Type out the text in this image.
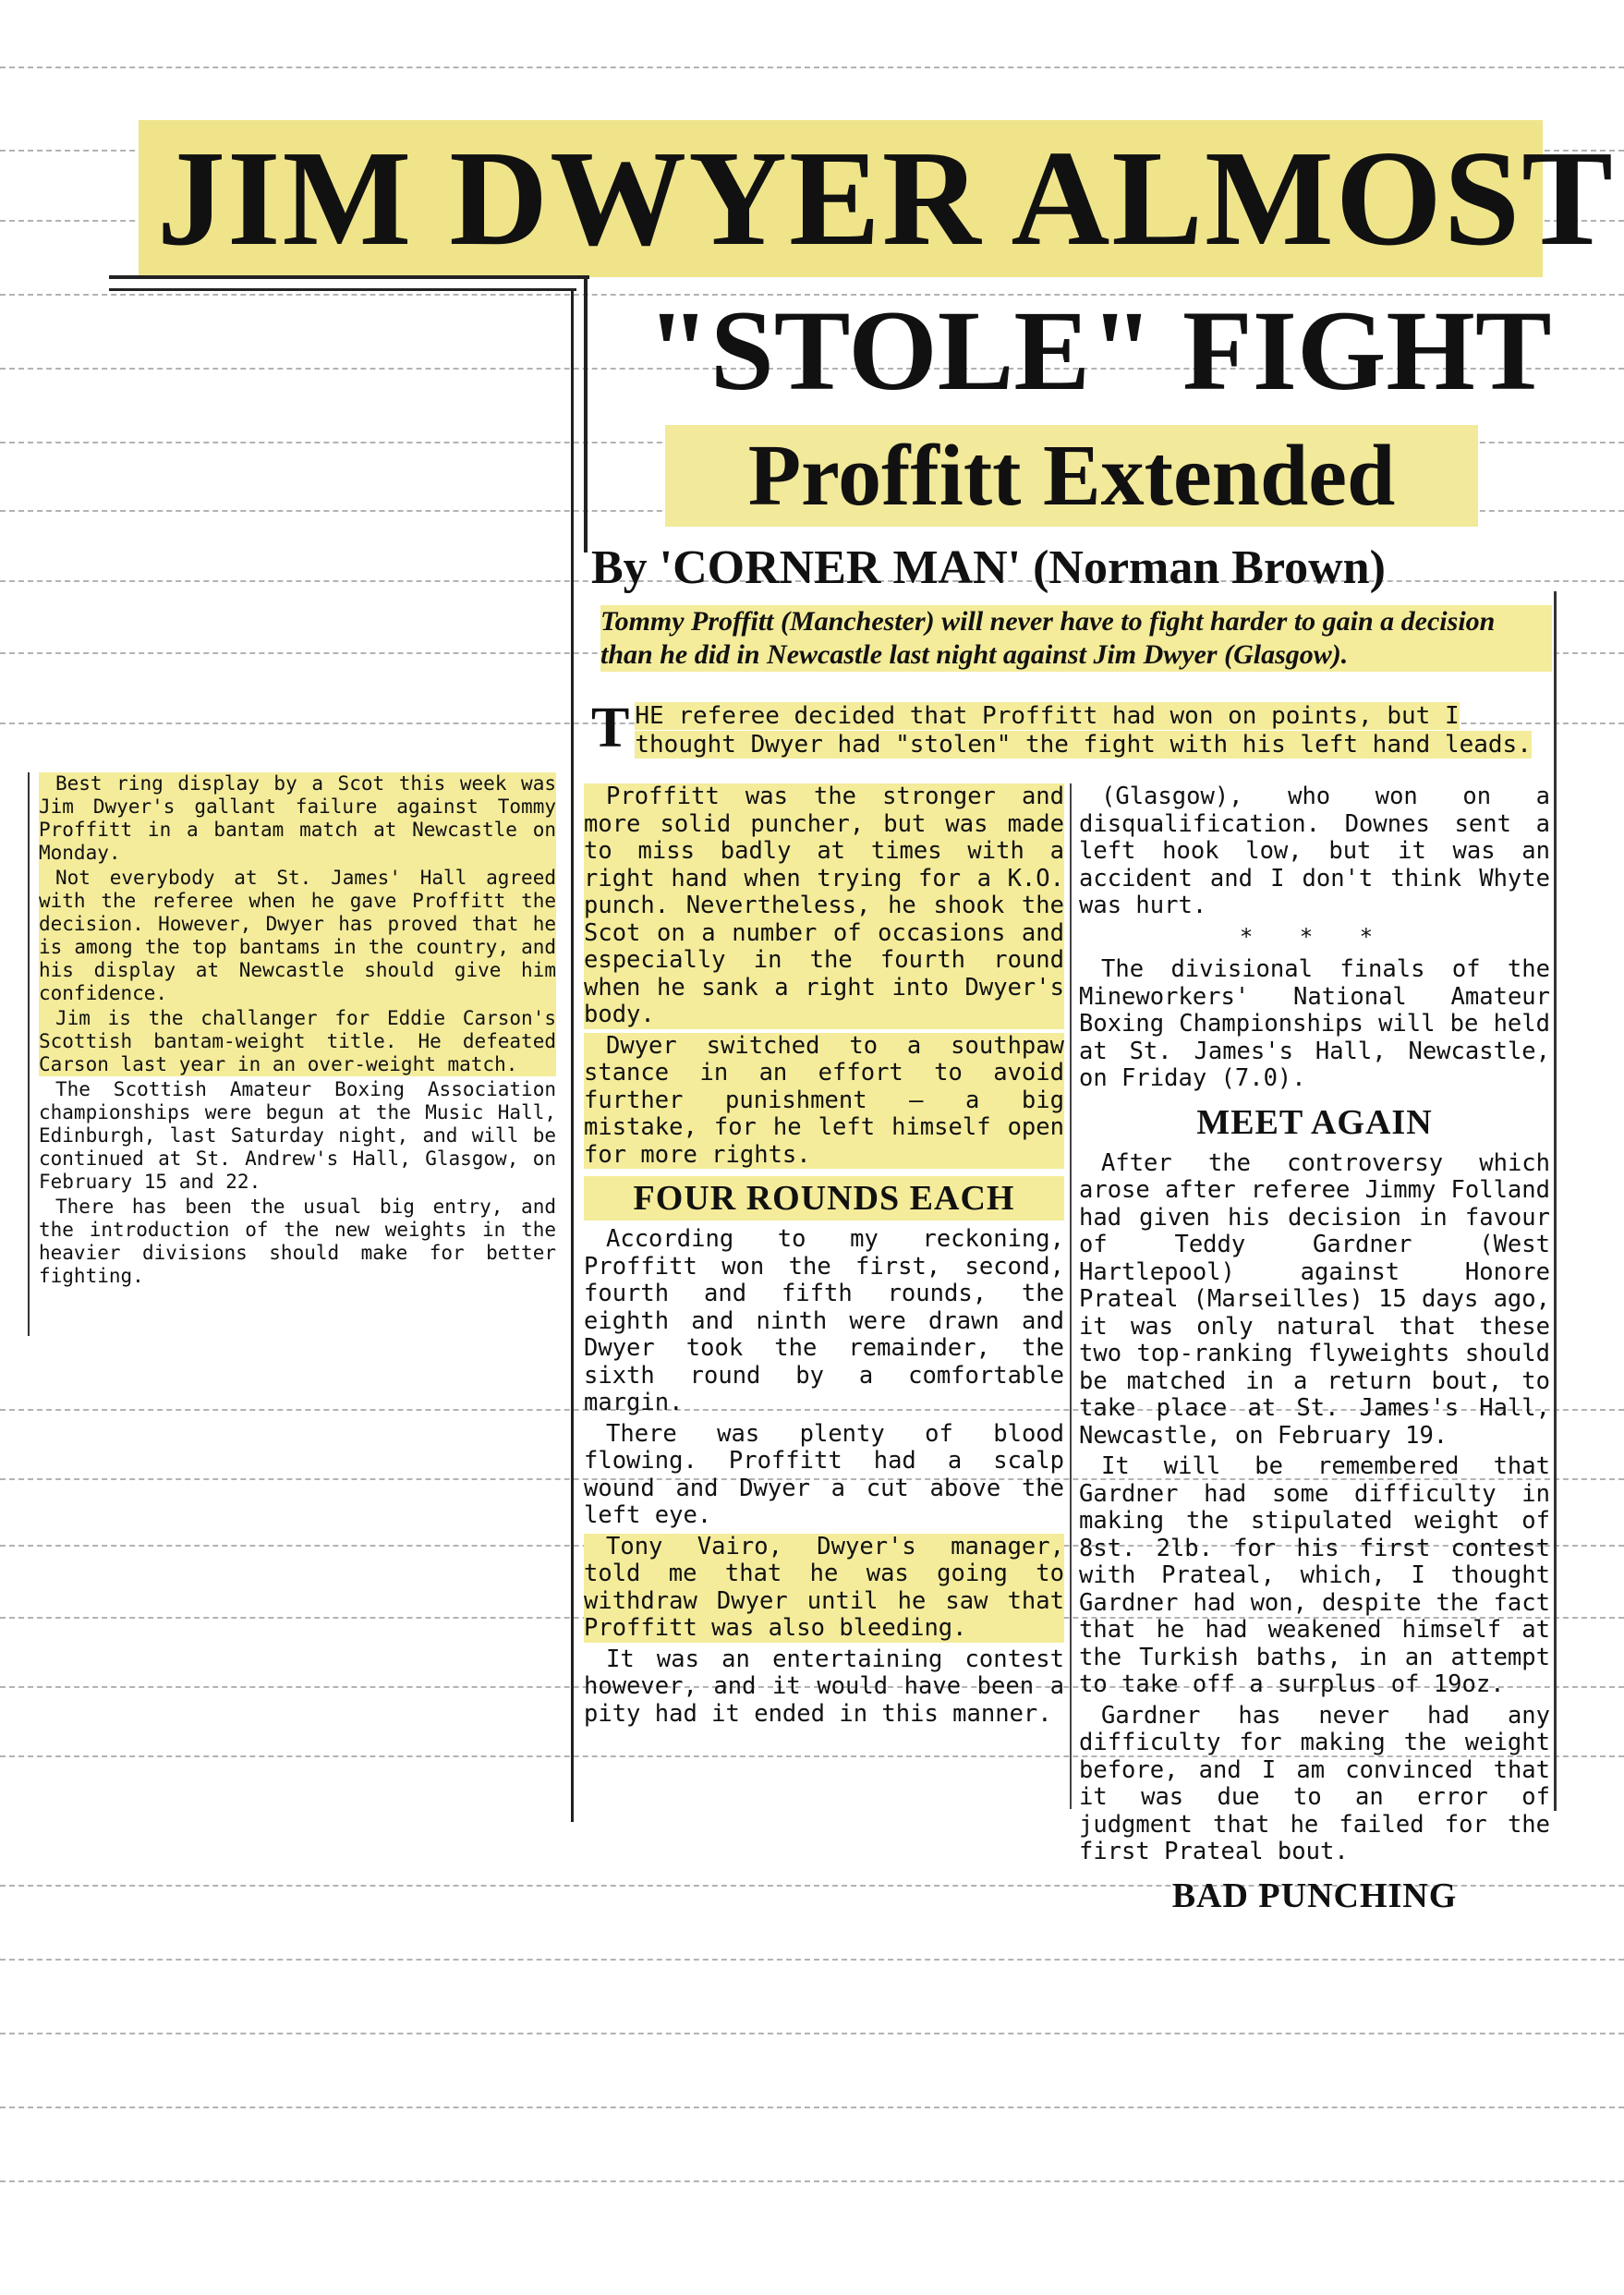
JIM DWYER ALMOST
"STOLE" FIGHT
Proffitt Extended
By 'CORNER MAN' (Norman Brown)
Tommy Proffitt (Manchester) will never have to fight harder to gain a decision than he did in Newcastle last night against Jim Dwyer (Glasgow).
T HE referee decided that Proffitt had won on points, but I thought Dwyer had "stolen" the fight with his left hand leads.

Proffitt was the stronger and more solid puncher, but was made to miss badly at times with a right hand when trying for a K.O. punch. Nevertheless, he shook the Scot on a number of occasions and especially in the fourth round when he sank a right into Dwyer's body.

Dwyer switched to a southpaw stance in an effort to avoid further punishment — a big mistake, for he left himself open for more rights.

FOUR ROUNDS EACH

According to my reckoning, Proffitt won the first, second, fourth and fifth rounds, the eighth and ninth were drawn and Dwyer took the remainder, the sixth round by a comfortable margin.

There was plenty of blood flowing. Proffitt had a scalp wound and Dwyer a cut above the left eye.

Tony Vairo, Dwyer's manager, told me that he was going to withdraw Dwyer until he saw that Proffitt was also bleeding.

It was an entertaining contest however, and it would have been a pity had it ended in this manner.

(Glasgow), who won on a disqualification. Downes sent a left hook low, but it was an accident and I don't think Whyte was hurt.

* * *

The divisional finals of the Mineworkers' National Amateur Boxing Championships will be held at St. James's Hall, Newcastle, on Friday (7.0).

MEET AGAIN

After the controversy which arose after referee Jimmy Folland had given his decision in favour of Teddy Gardner (West Hartlepool) against Honore Prateal (Marseilles) 15 days ago, it was only natural that these two top-ranking flyweights should be matched in a return bout, to take place at St. James's Hall, Newcastle, on February 19.

It will be remembered that Gardner had some difficulty in making the stipulated weight of 8st. 2lb. for his first contest with Prateal, which, I thought Gardner had won, despite the fact that he had weakened himself at the Turkish baths, in an attempt to take off a surplus of 19oz.

Gardner has never had any difficulty for making the weight before, and I am convinced that it was due to an error of judgment that he failed for the first Prateal bout.

BAD PUNCHING

Best ring display by a Scot this week was Jim Dwyer's gallant failure against Tommy Proffitt in a bantam match at Newcastle on Monday.

Not everybody at St. James' Hall agreed with the referee when he gave Proffitt the decision. However, Dwyer has proved that he is among the top bantams in the country, and his display at Newcastle should give him confidence.

Jim is the challanger for Eddie Carson's Scottish bantam-weight title. He defeated Carson last year in an over-weight match.

The Scottish Amateur Boxing Association championships were begun at the Music Hall, Edinburgh, last Saturday night, and will be continued at St. Andrew's Hall, Glasgow, on February 15 and 22.

There has been the usual big entry, and the introduction of the new weights in the heavier divisions should make for better fighting.
